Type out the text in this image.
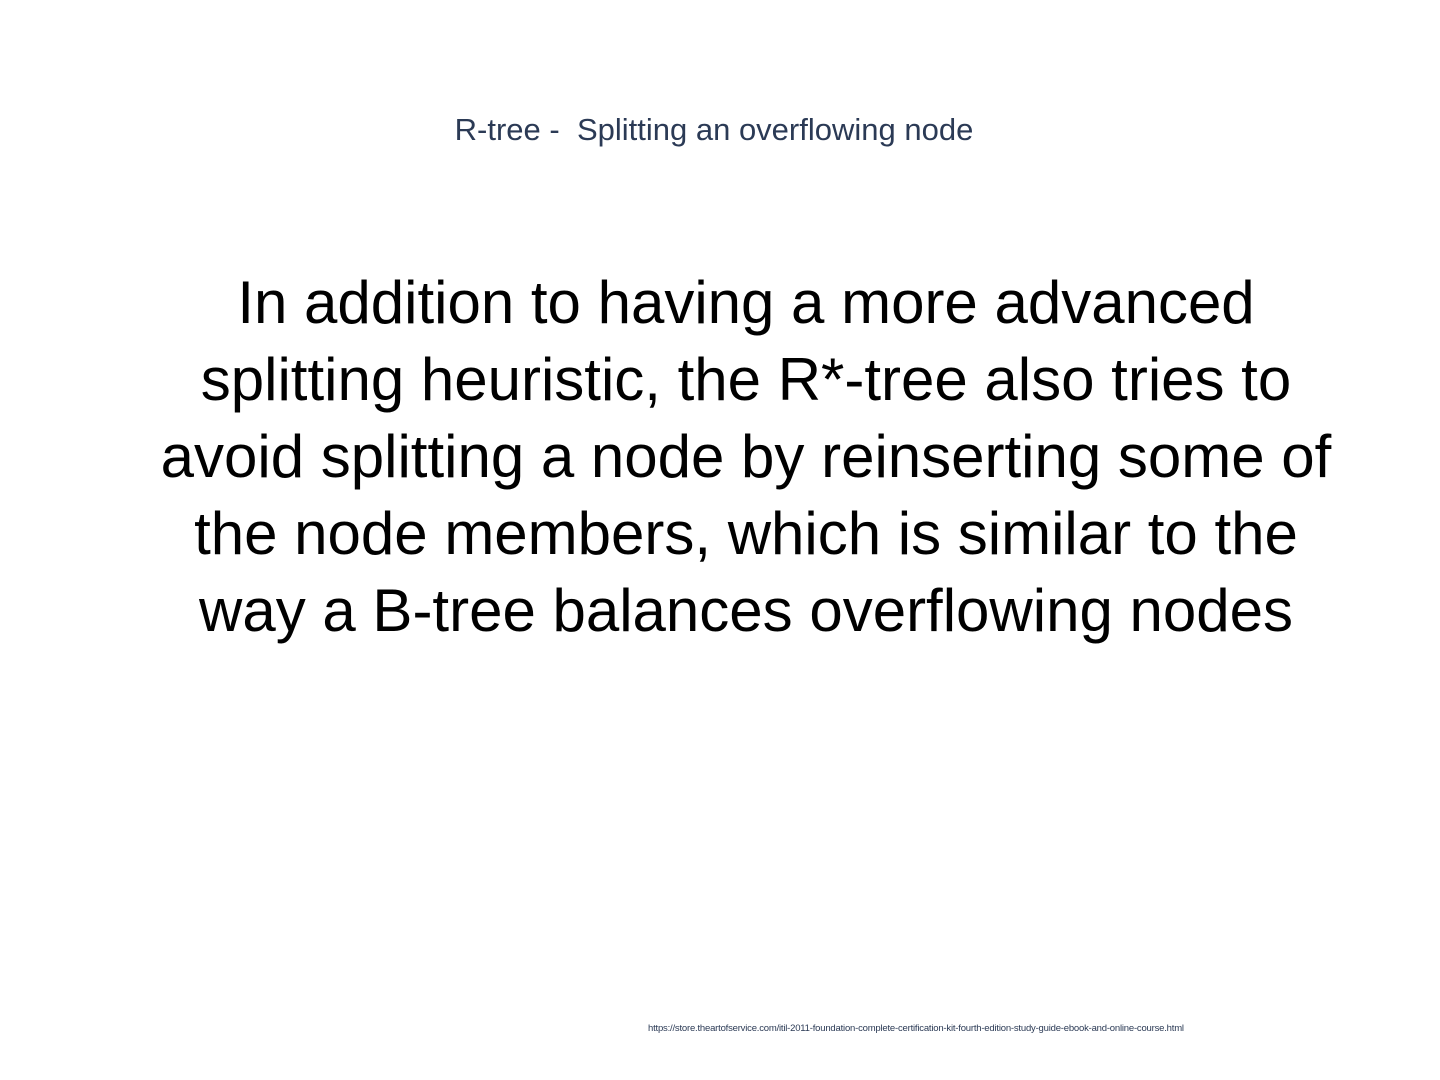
R-tree -  Splitting an overflowing node

In addition to having a more advanced splitting heuristic, the R*-tree also tries to avoid splitting a node by reinserting some of the node members, which is similar to the way a B-tree balances overflowing nodes

https://store.theartofservice.com/itil-2011-foundation-complete-certification-kit-fourth-edition-study-guide-ebook-and-online-course.html
